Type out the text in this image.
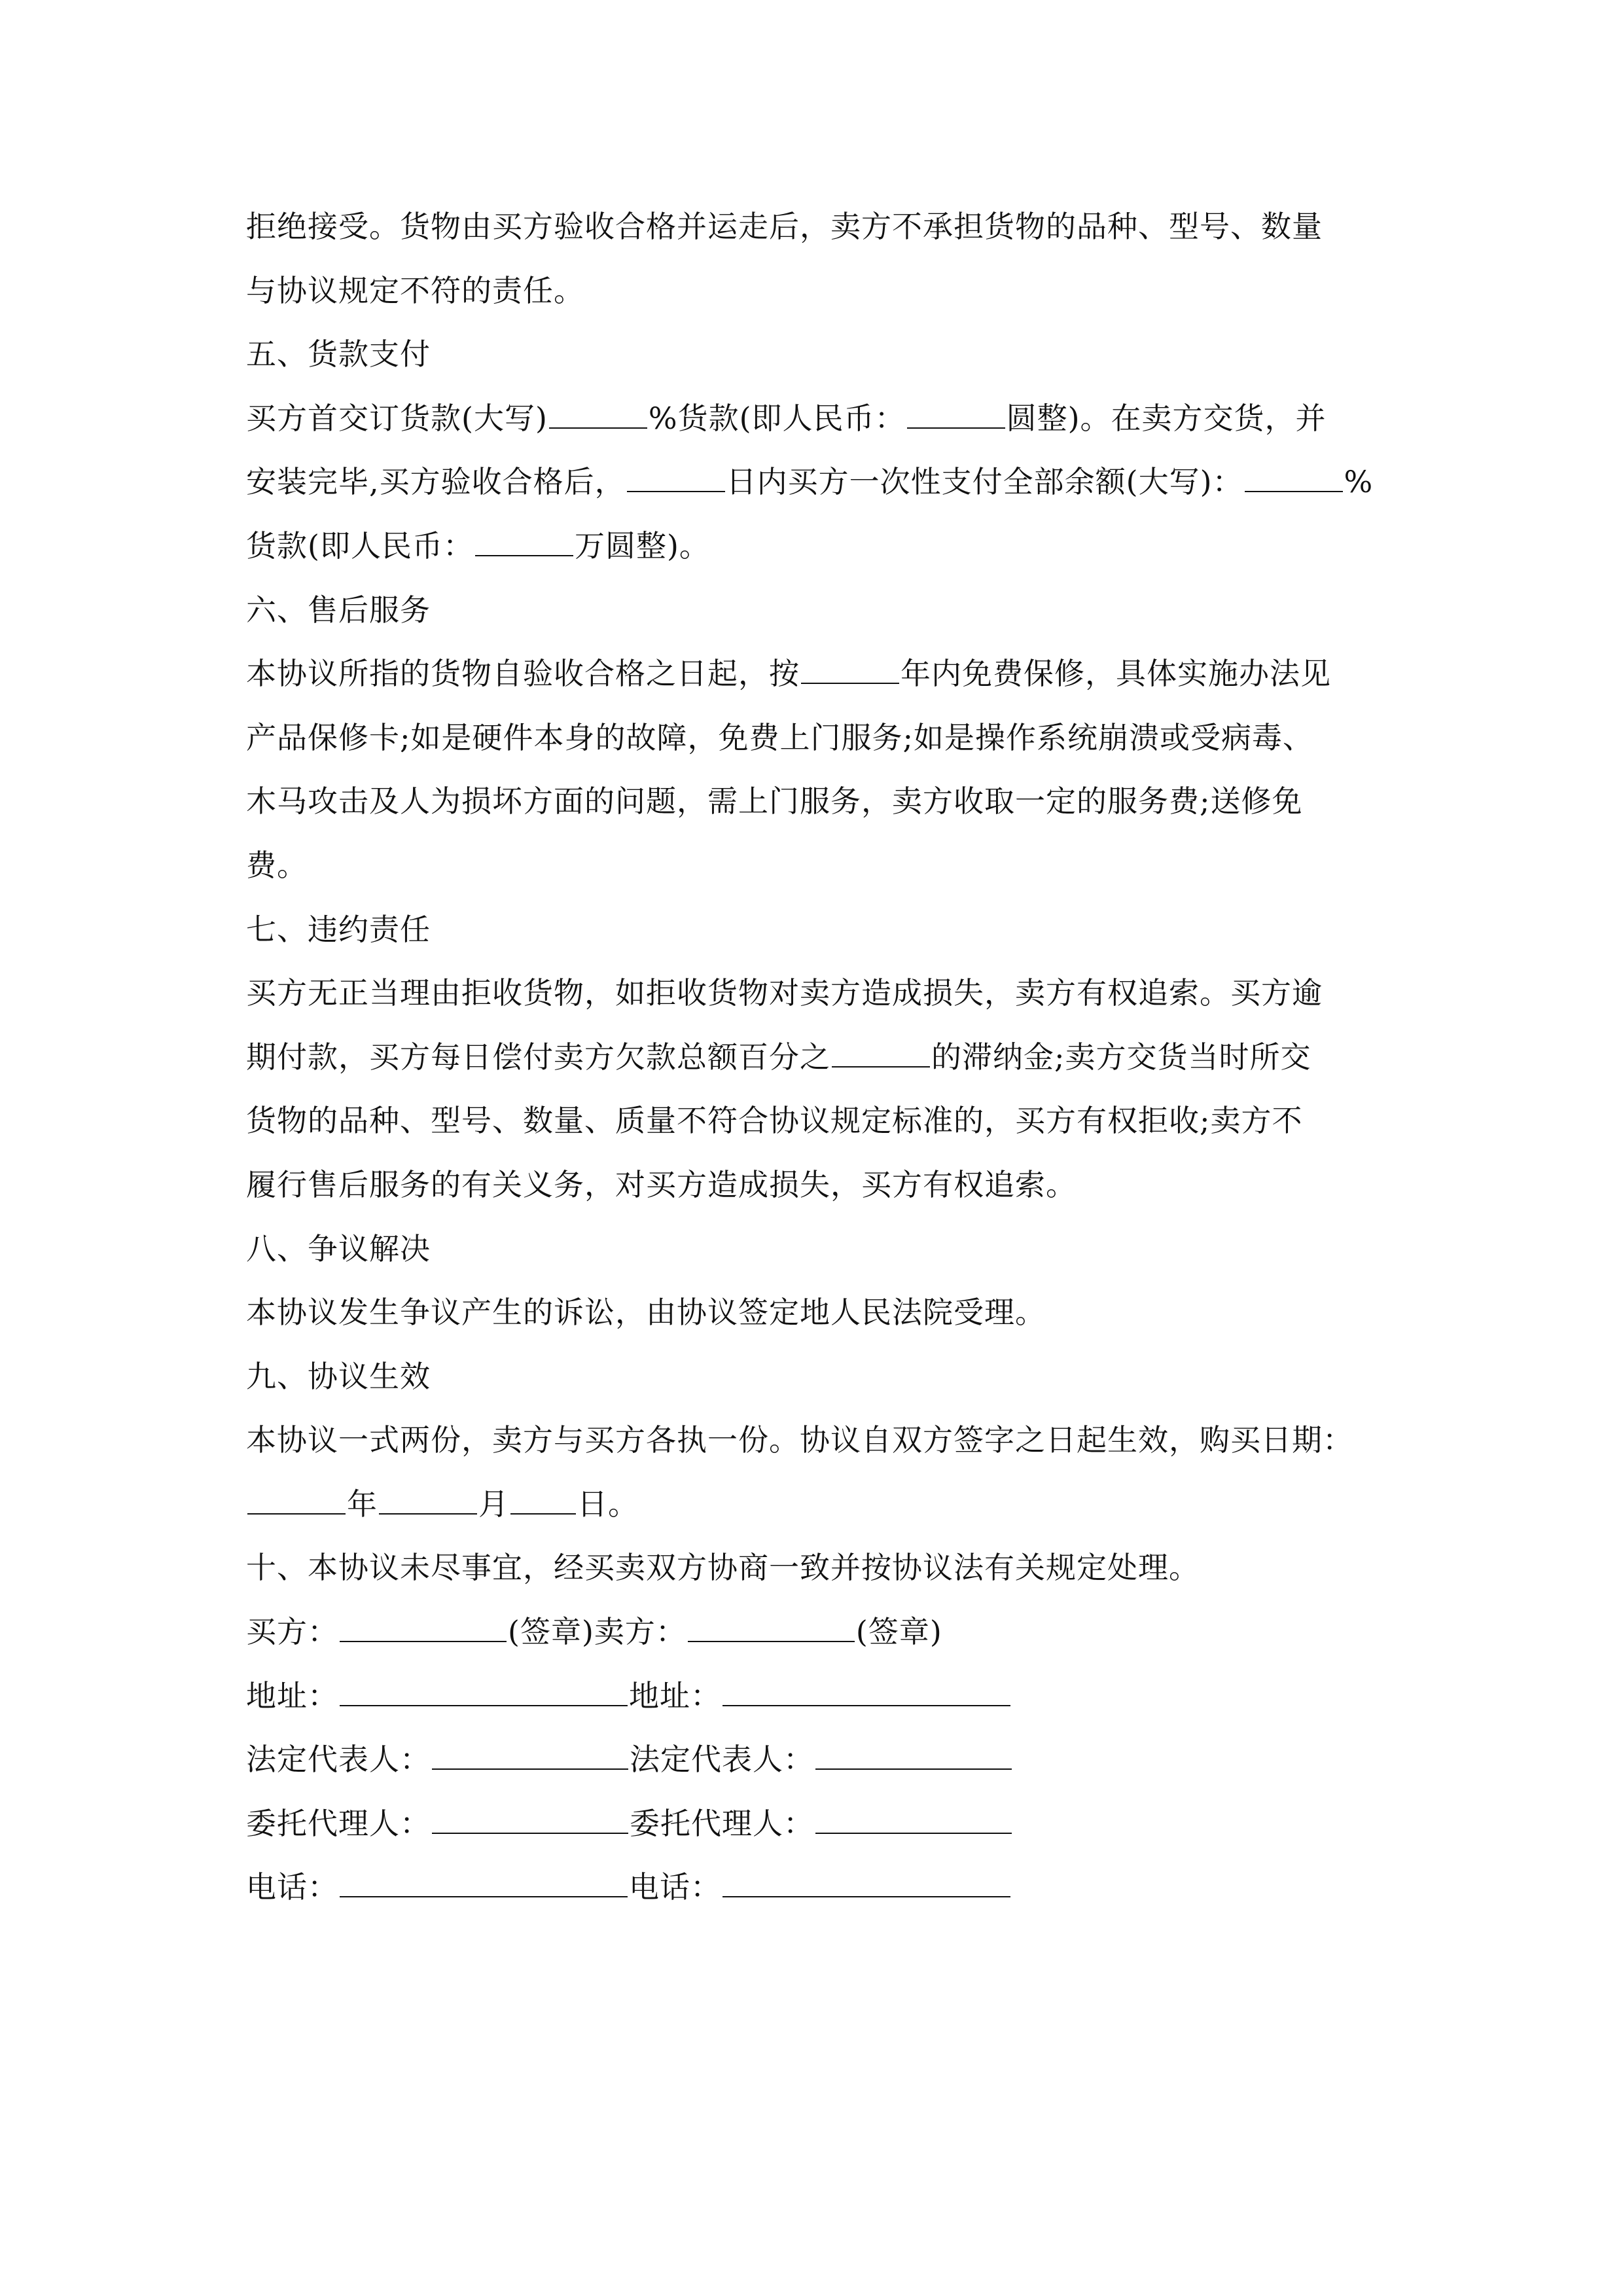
拒绝接受。货物由买方验收合格并运走后，卖方不承担货物的品种、型号、数量
与协议规定不符的责任。
五、货款支付
买方首交订货款(大写)	%货款(即人民币：	圆整)。在卖方交货，并
安装完毕,买方验收合格后，	日内买方一次性支付全部余额(大写)：	%
货款(即人民币：	万圆整)。
六、售后服务
本协议所指的货物自验收合格之日起，按	年内免费保修，具体实施办法见
产品保修卡;如是硬件本身的故障，免费上门服务;如是操作系统崩溃或受病毒、
木马攻击及人为损坏方面的问题，需上门服务，卖方收取一定的服务费;送修免
费。
七、违约责任
买方无正当理由拒收货物，如拒收货物对卖方造成损失，卖方有权追索。买方逾
期付款，买方每日偿付卖方欠款总额百分之	的滞纳金;卖方交货当时所交
货物的品种、型号、数量、质量不符合协议规定标准的，买方有权拒收;卖方不
履行售后服务的有关义务，对买方造成损失，买方有权追索。
八、争议解决
本协议发生争议产生的诉讼，由协议签定地人民法院受理。
九、协议生效
本协议一式两份，卖方与买方各执一份。协议自双方签字之日起生效，购买日期：
年	月 日。
十、本协议未尽事宜，经买卖双方协商一致并按协议法有关规定处理。
买方：	(签章)卖方：	(签章)
地址：	地址：
法定代表人：	法定代表人：
委托代理人：	委托代理人：
电话：	电话：
